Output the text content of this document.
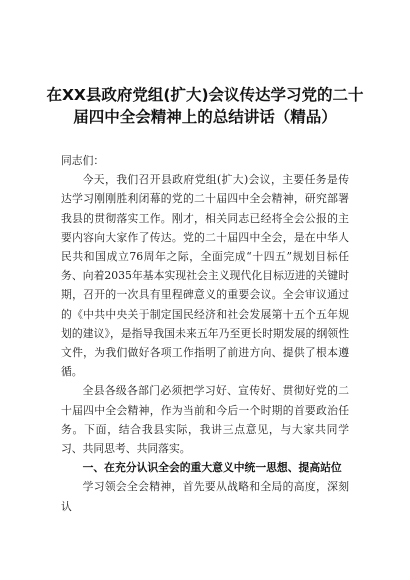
在XX县政府党组(扩大)会议传达学习党的二十届四中全会精神上的总结讲话（精品）

同志们：

今天，我们召开县政府党组(扩大)会议，主要任务是传达学习刚刚胜利闭幕的党的二十届四中全会精神，研究部署我县的贯彻落实工作。刚才，相关同志已经将全会公报的主要内容向大家作了传达。党的二十届四中全会，是在中华人民共和国成立76周年之际，全面完成“十四五”规划目标任务、向着2035年基本实现社会主义现代化目标迈进的关键时期，召开的一次具有里程碑意义的重要会议。全会审议通过的《中共中央关于制定国民经济和社会发展第十五个五年规划的建议》，是指导我国未来五年乃至更长时期发展的纲领性文件，为我们做好各项工作指明了前进方向、提供了根本遵循。

全县各级各部门必须把学习好、宣传好、贯彻好党的二十届四中全会精神，作为当前和今后一个时期的首要政治任务。下面，结合我县实际，我讲三点意见，与大家共同学习、共同思考、共同落实。

一、在充分认识全会的重大意义中统一思想、提高站位

学习领会全会精神，首先要从战略和全局的高度，深刻认
